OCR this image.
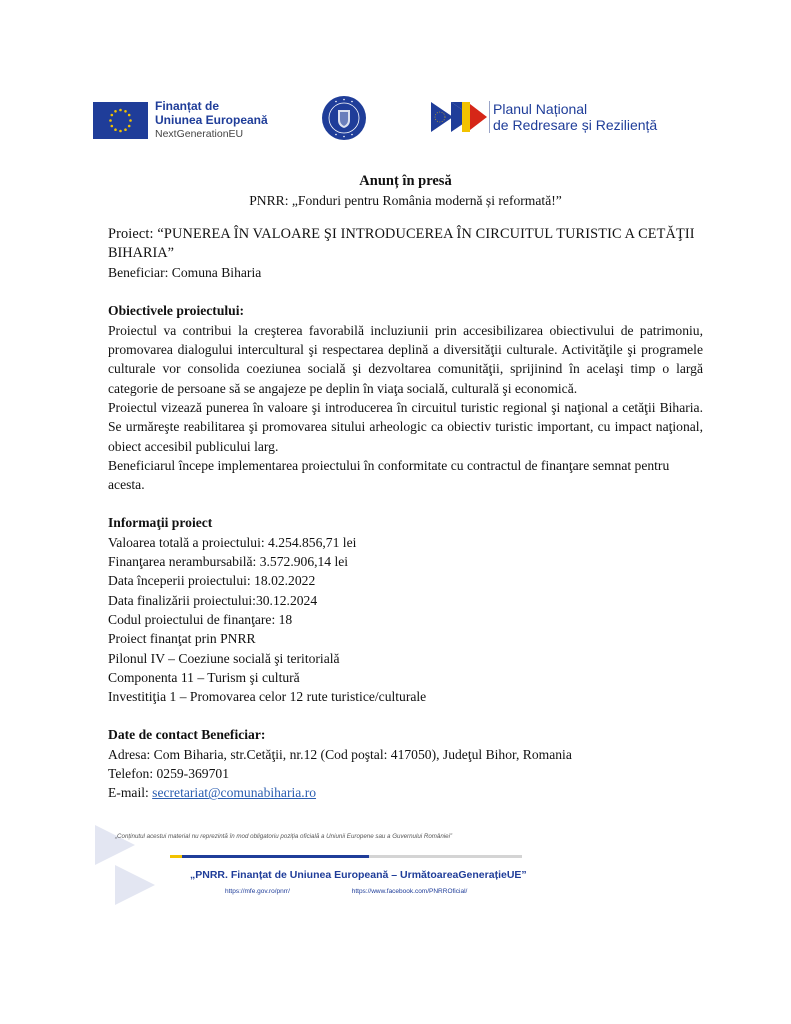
Finanțat de
Uniunea Europeană
NextGenerationEU
Planul Național
de Redresare și Reziliență
Anunț în presă
PNRR: „Fonduri pentru România modernă și reformată!”
Proiect: “PUNEREA ÎN VALOARE ŞI INTRODUCEREA ÎN CIRCUITUL TURISTIC A CETĂŢII
BIHARIA”
Beneficiar: Comuna Biharia
Obiectivele proiectului:

Proiectul va contribui la creşterea favorabilă incluziunii prin accesibilizarea obiectivului de patrimoniu, promovarea dialogului intercultural şi respectarea deplină a diversităţii culturale. Activităţile şi programele culturale vor consolida coeziunea socială şi dezvoltarea comunităţii, sprijinind în acelaşi timp o largă categorie de persoane să se angajeze pe deplin în viaţa socială, culturală şi economică.

Proiectul vizează punerea în valoare şi introducerea în circuitul turistic regional şi naţional a cetăţii Biharia. Se urmăreşte reabilitarea şi promovarea sitului arheologic ca obiectiv turistic important, cu impact naţional, obiect accesibil publicului larg.

Beneficiarul începe implementarea proiectului în conformitate cu contractul de finanţare semnat pentru acesta.

Informaţii proiect
Valoarea totală a proiectului: 4.254.856,71 lei
Finanţarea nerambursabilă: 3.572.906,14 lei
Data începerii proiectului: 18.02.2022
Data finalizării proiectului:30.12.2024
Codul proiectului de finanţare: 18
Proiect finanţat prin PNRR
Pilonul IV – Coeziune socială şi teritorială
Componenta 11 – Turism şi cultură
Investitiţia 1 – Promovarea celor 12 rute turistice/culturale
Date de contact Beneficiar:
Adresa: Com Biharia, str.Cetăţii, nr.12 (Cod poştal: 417050), Judeţul Bihor, Romania
Telefon: 0259-369701
E-mail: secretariat@comunabiharia.ro
„Conținutul acestui material nu reprezintă în mod obligatoriu poziția oficială a Uniunii Europene sau a Guvernului României”
„PNRR. Finanțat de Uniunea Europeană – UrmătoareaGenerațieUE”
https://mfe.gov.ro/pnrr/	https://www.facebook.com/PNRROficial/
